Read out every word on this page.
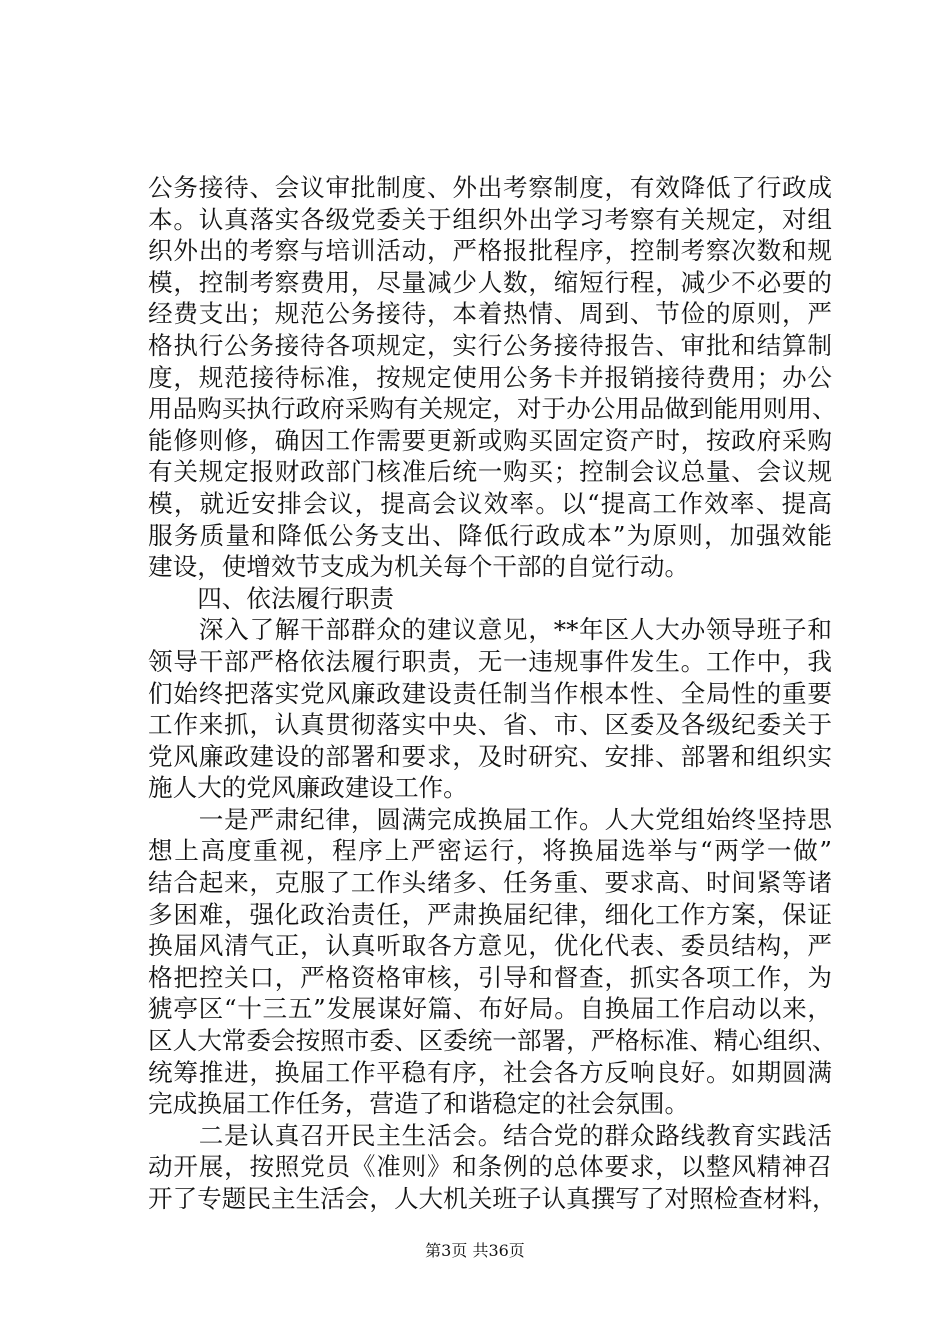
公务接待、会议审批制度、外出考察制度，有效降低了行政成
本。认真落实各级党委关于组织外出学习考察有关规定，对组
织外出的考察与培训活动，严格报批程序，控制考察次数和规
模，控制考察费用，尽量减少人数，缩短行程，减少不必要的
经费支出；规范公务接待，本着热情、周到、节俭的原则，严
格执行公务接待各项规定，实行公务接待报告、审批和结算制
度，规范接待标准，按规定使用公务卡并报销接待费用；办公
用品购买执行政府采购有关规定，对于办公用品做到能用则用、
能修则修，确因工作需要更新或购买固定资产时，按政府采购
有关规定报财政部门核准后统一购买；控制会议总量、会议规
模，就近安排会议，提高会议效率。以“提高工作效率、提高
服务质量和降低公务支出、降低行政成本”为原则，加强效能
建设，使增效节支成为机关每个干部的自觉行动。
　　四、依法履行职责
　　深入了解干部群众的建议意见，**年区人大办领导班子和
领导干部严格依法履行职责，无一违规事件发生。工作中，我
们始终把落实党风廉政建设责任制当作根本性、全局性的重要
工作来抓，认真贯彻落实中央、省、市、区委及各级纪委关于
党风廉政建设的部署和要求，及时研究、安排、部署和组织实
施人大的党风廉政建设工作。
　　一是严肃纪律，圆满完成换届工作。人大党组始终坚持思
想上高度重视，程序上严密运行，将换届选举与“两学一做”
结合起来，克服了工作头绪多、任务重、要求高、时间紧等诸
多困难，强化政治责任，严肃换届纪律，细化工作方案，保证
换届风清气正，认真听取各方意见，优化代表、委员结构，严
格把控关口，严格资格审核，引导和督查，抓实各项工作，为
猇亭区“十三五”发展谋好篇、布好局。自换届工作启动以来，
区人大常委会按照市委、区委统一部署，严格标准、精心组织、
统筹推进，换届工作平稳有序，社会各方反响良好。如期圆满
完成换届工作任务，营造了和谐稳定的社会氛围。
　　二是认真召开民主生活会。结合党的群众路线教育实践活
动开展，按照党员《准则》和条例的总体要求，以整风精神召
开了专题民主生活会，人大机关班子认真撰写了对照检查材料，
第3页 共36页
